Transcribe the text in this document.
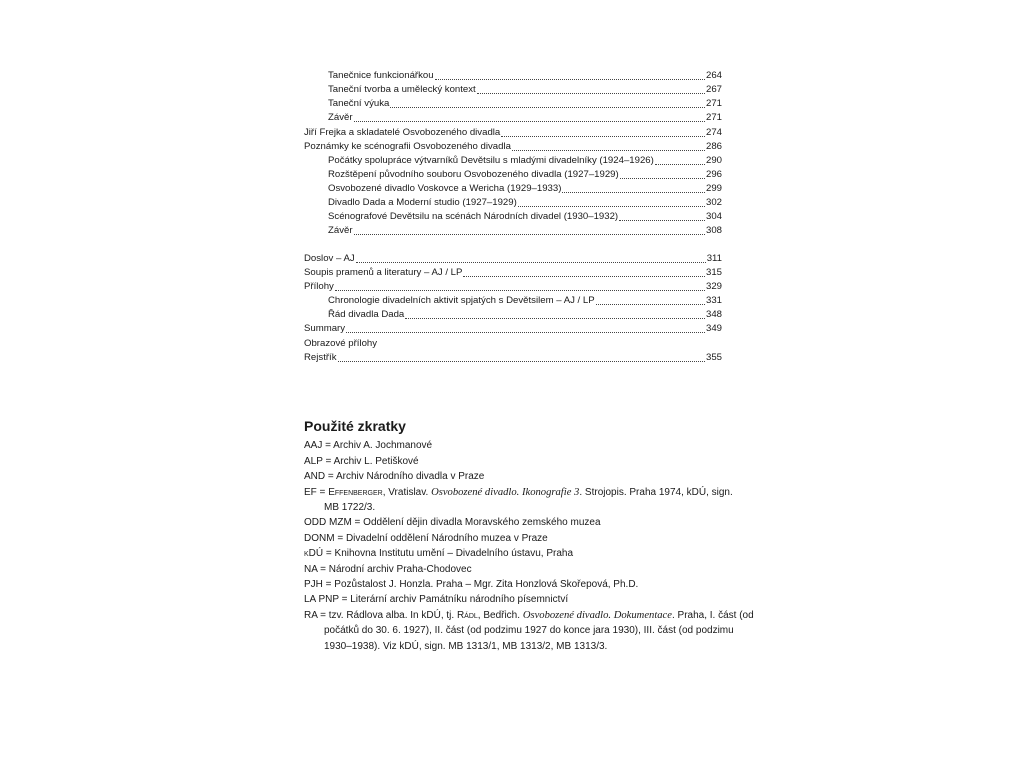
Tanečnice funkcionářkou	264
Taneční tvorba a umělecký kontext	267
Taneční výuka	271
Závěr	271
Jiří Frejka a skladatelé Osvobozeného divadla	274
Poznámky ke scénografii Osvobozeného divadla	286
Počátky spolupráce výtvarníků Devětsilu s mladými divadelníky (1924–1926)	290
Rozštěpení původního souboru Osvobozeného divadla (1927–1929)	296
Osvobozené divadlo Voskovce a Wericha (1929–1933)	299
Divadlo Dada a Moderní studio (1927–1929)	302
Scénografové Devětsilu na scénách Národních divadel (1930–1932)	304
Závěr	308
Doslov – AJ	311
Soupis pramenů a literatury – AJ / LP	315
Přílohy	329
Chronologie divadelních aktivit spjatých s Devětsilem – AJ / LP	331
Řád divadla Dada	348
Summary	349
Obrazové přílohy
Rejstřík	355
Použité zkratky
AAJ = Archiv A. Jochmanové
ALP = Archiv L. Petiškové
AND = Archiv Národního divadla v Praze
EF = Effenberger, Vratislav. Osvobozené divadlo. Ikonografie 3. Strojopis. Praha 1974, kDÚ, sign.
MB 1722/3.
ODD MZM = Oddělení dějin divadla Moravského zemského muzea
DONM = Divadelní oddělení Národního muzea v Praze
kDÚ = Knihovna Institutu umění – Divadelního ústavu, Praha
NA = Národní archiv Praha-Chodovec
PJH = Pozůstalost J. Honzla. Praha – Mgr. Zita Honzlová Skořepová, Ph.D.
LA PNP = Literární archiv Památníku národního písemnictví
RA = tzv. Rádlova alba. In kDÚ, tj. Rádl, Bedřich. Osvobozené divadlo. Dokumentace. Praha, I. část (od
počátků do 30. 6. 1927), II. část (od podzimu 1927 do konce jara 1930), III. část (od podzimu
1930–1938). Viz kDÚ, sign. MB 1313/1, MB 1313/2, MB 1313/3.
